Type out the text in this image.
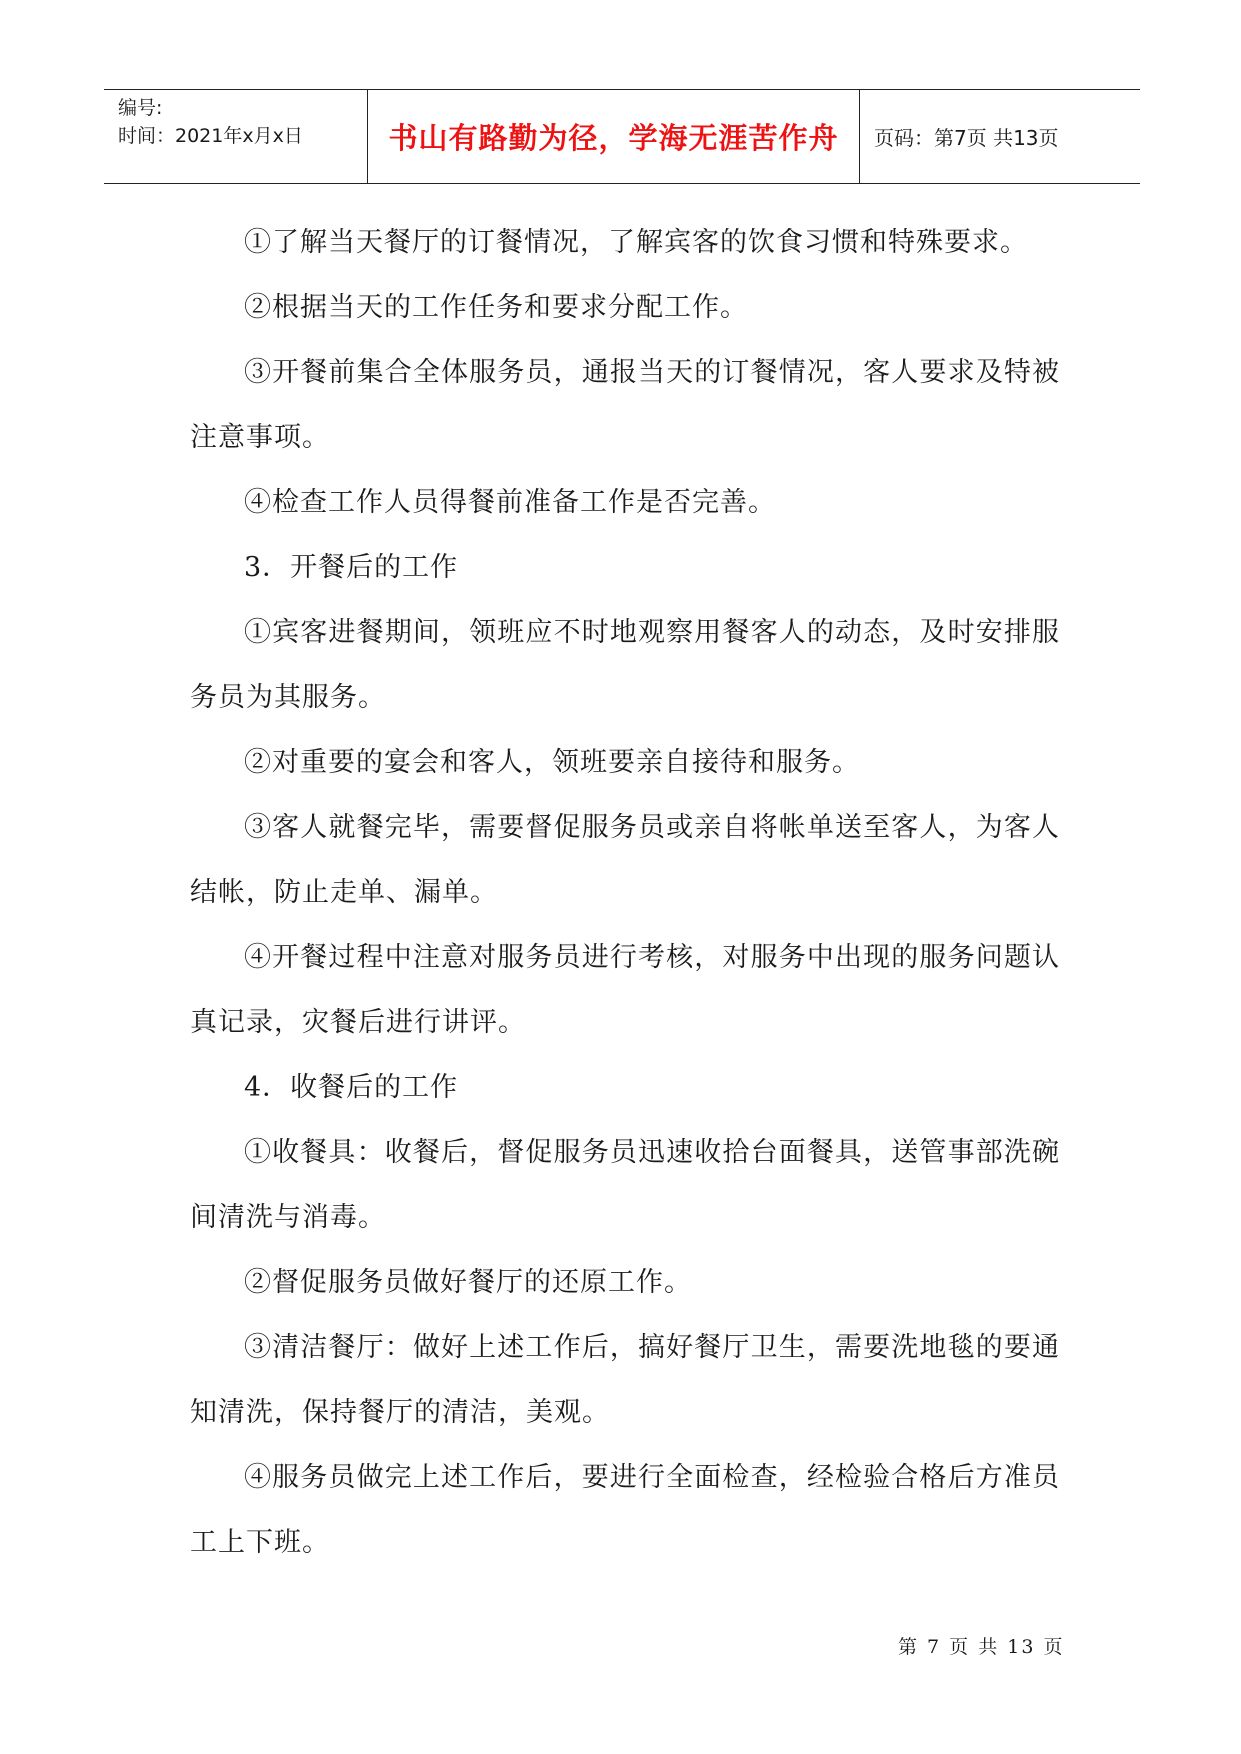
编号:
时间：2021年x月x日	书山有路勤为径，学海无涯苦作舟	页码：第7页 共13页

①了解当天餐厅的订餐情况，了解宾客的饮食习惯和特殊要求。

②根据当天的工作任务和要求分配工作。

③开餐前集合全体服务员，通报当天的订餐情况，客人要求及特被注意事项。

④检查工作人员得餐前准备工作是否完善。

3．开餐后的工作

①宾客进餐期间，领班应不时地观察用餐客人的动态，及时安排服务员为其服务。

②对重要的宴会和客人，领班要亲自接待和服务。

③客人就餐完毕，需要督促服务员或亲自将帐单送至客人，为客人结帐，防止走单、漏单。

④开餐过程中注意对服务员进行考核，对服务中出现的服务问题认真记录，灾餐后进行讲评。

4．收餐后的工作

①收餐具：收餐后，督促服务员迅速收拾台面餐具，送管事部洗碗间清洗与消毒。

②督促服务员做好餐厅的还原工作。

③清洁餐厅：做好上述工作后，搞好餐厅卫生，需要洗地毯的要通知清洗，保持餐厅的清洁，美观。

④服务员做完上述工作后，要进行全面检查，经检验合格后方准员工上下班。

第 7 页 共 13 页
